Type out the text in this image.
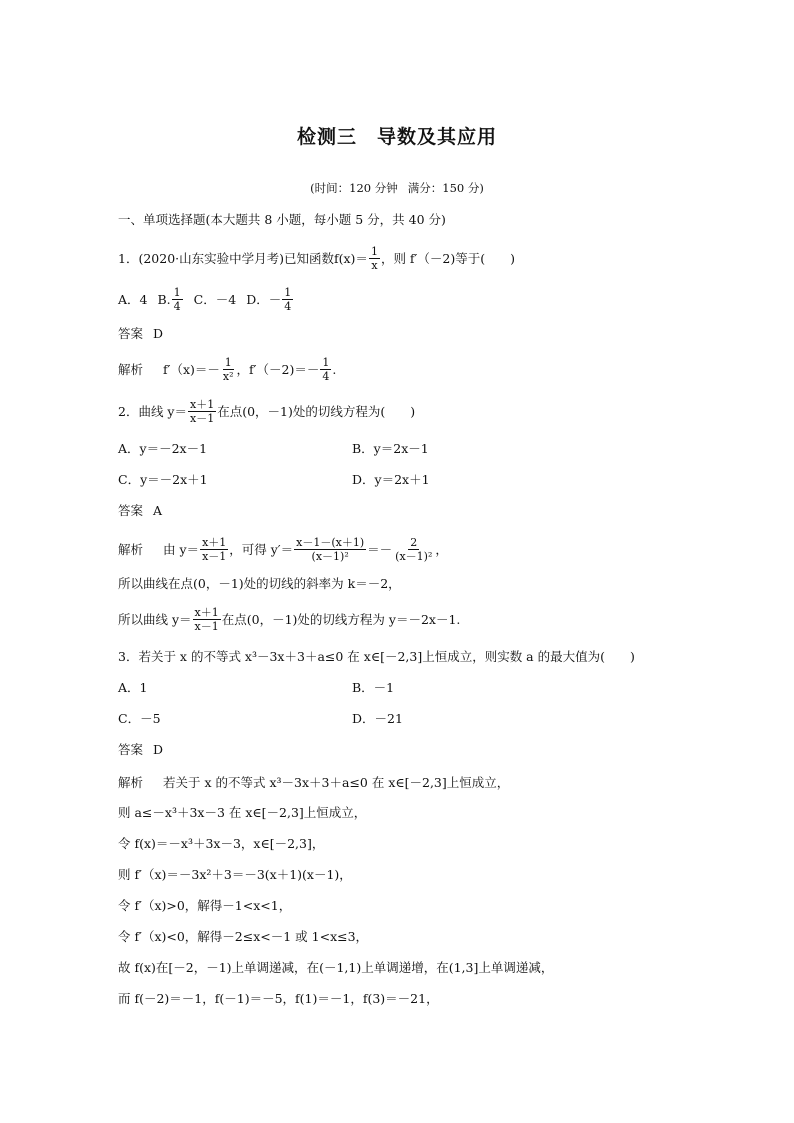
检测三 导数及其应用
(时间：120 分钟 满分：150 分)
一、单项选择题(本大题共 8 小题，每小题 5 分，共 40 分)
1．(2020·山东实验中学月考)已知函数 $f(x)= \frac{1}{x}$ ，则 f′（－2)等于(　　)
A．4 B. $\frac{1}{4}$ C．－4 D．－ $\frac{1}{4}$
答案 D
解析 $f'(x)=- \frac{1}{\text{x²}}$ ，$f'(-2)=- \frac{1}{4}$ .
2．曲线 $y= \frac{x+1}{x-1}$ 在点(0，－1)处的切线方程为(　　)
A．y＝－2x－1	B．y＝2x－1
C．y＝－2x＋1	D．y＝2x＋1
答案 A
解析 由 $y= \frac{x+1}{x-1}$ ，可得 $y'= \frac{x-1-(x+1)}{\text{(x－1)²}} =- \frac{2}{\text{(x－1)²}}$ ，
所以曲线在点(0，－1)处的切线的斜率为 k＝－2，
所以曲线 $y= \frac{x+1}{x-1}$ 在点(0，－1)处的切线方程为 y＝－2x－1.
3．若关于 x 的不等式 x³－3x＋3＋a≤0 在 x∈[－2,3]上恒成立，则实数 a 的最大值为(　　)
A．1	B．－1
C．－5	D．－21
答案 D
解析 若关于 x 的不等式 x³－3x＋3＋a≤0 在 x∈[－2,3]上恒成立，
则 a≤－x³＋3x－3 在 x∈[－2,3]上恒成立，
令 f(x)＝－x³＋3x－3，x∈[－2,3]，
则 f′（x)＝－3x²＋3＝－3(x＋1)(x－1)，
令 f′（x)>0，解得－1<x<1，
令 f′（x)<0，解得－2≤x<－1 或 1<x≤3，
故 f(x)在[－2，－1)上单调递减，在(－1,1)上单调递增，在(1,3]上单调递减，
而 f(－2)＝－1，f(－1)＝－5，f(1)＝－1，f(3)＝－21，
